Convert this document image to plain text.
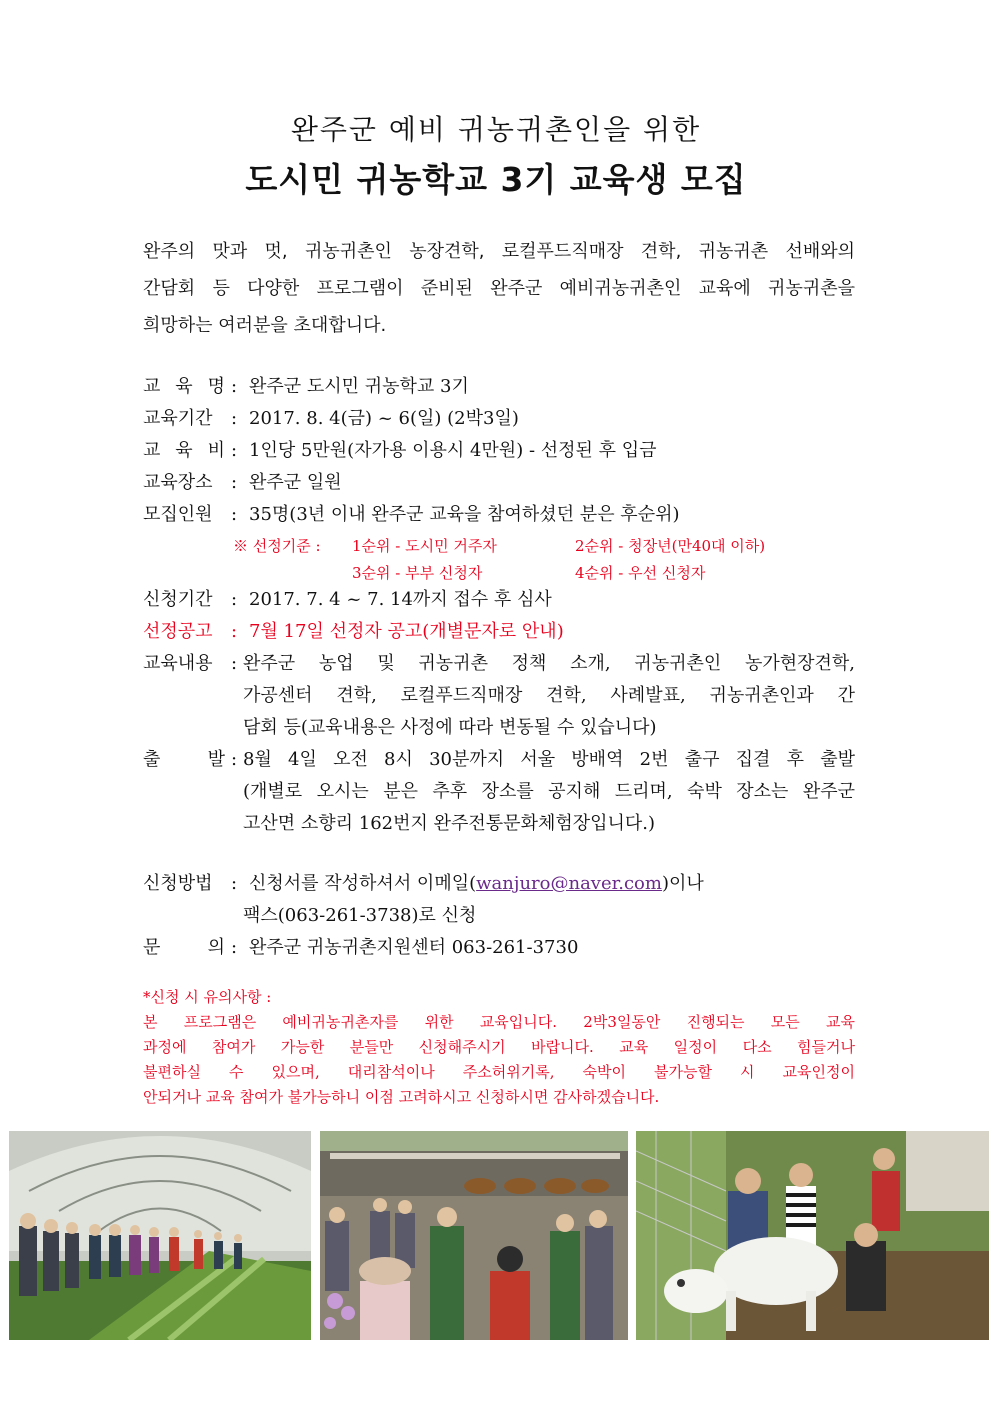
완주군 예비 귀농귀촌인을 위한
도시민 귀농학교 3기 교육생 모집
완주의 맛과 멋, 귀농귀촌인 농장견학, 로컬푸드직매장 견학, 귀농귀촌 선배와의
간담회 등 다양한 프로그램이 준비된 완주군 예비귀농귀촌인 교육에 귀농귀촌을
희망하는 여러분을 초대합니다.
교 육 명 : 완주군 도시민 귀농학교 3기
교육기간 : 2017. 8. 4(금) ~ 6(일) (2박3일)
교 육 비 : 1인당 5만원(자가용 이용시 4만원) - 선정된 후 입금
교육장소 : 완주군 일원
모집인원 : 35명(3년 이내 완주군 교육을 참여하셨던 분은 후순위)
※ 선정기준 : 1순위 - 도시민 거주자	2순위 - 청장년(만40대 이하)
3순위 - 부부 신청자	4순위 - 우선 신청자
신청기간 : 2017. 7. 4 ~ 7. 14까지 접수 후 심사
선정공고 : 7월 17일 선정자 공고(개별문자로 안내)
교육내용 : 완주군 농업 및 귀농귀촌 정책 소개, 귀농귀촌인 농가현장견학,
가공센터 견학, 로컬푸드직매장 견학, 사례발표, 귀농귀촌인과 간
담회 등(교육내용은 사정에 따라 변동될 수 있습니다)
출	발 : 8월 4일 오전 8시 30분까지 서울 방배역 2번 출구 집결 후 출발
(개별로 오시는 분은 추후 장소를 공지해 드리며, 숙박 장소는 완주군
고산면 소향리 162번지 완주전통문화체험장입니다.)
신청방법 : 신청서를 작성하셔서 이메일(wanjuro@naver.com)이나
팩스(063-261-3738)로 신청
문	의 : 완주군 귀농귀촌지원센터 063-261-3730
*신청 시 유의사항 :
본 프로그램은 예비귀농귀촌자를 위한 교육입니다. 2박3일동안 진행되는 모든 교육
과정에 참여가 가능한 분들만 신청해주시기 바랍니다. 교육 일정이 다소 힘들거나
불편하실 수 있으며, 대리참석이나 주소허위기록, 숙박이 불가능할 시 교육인정이
안되거나 교육 참여가 불가능하니 이점 고려하시고 신청하시면 감사하겠습니다.
